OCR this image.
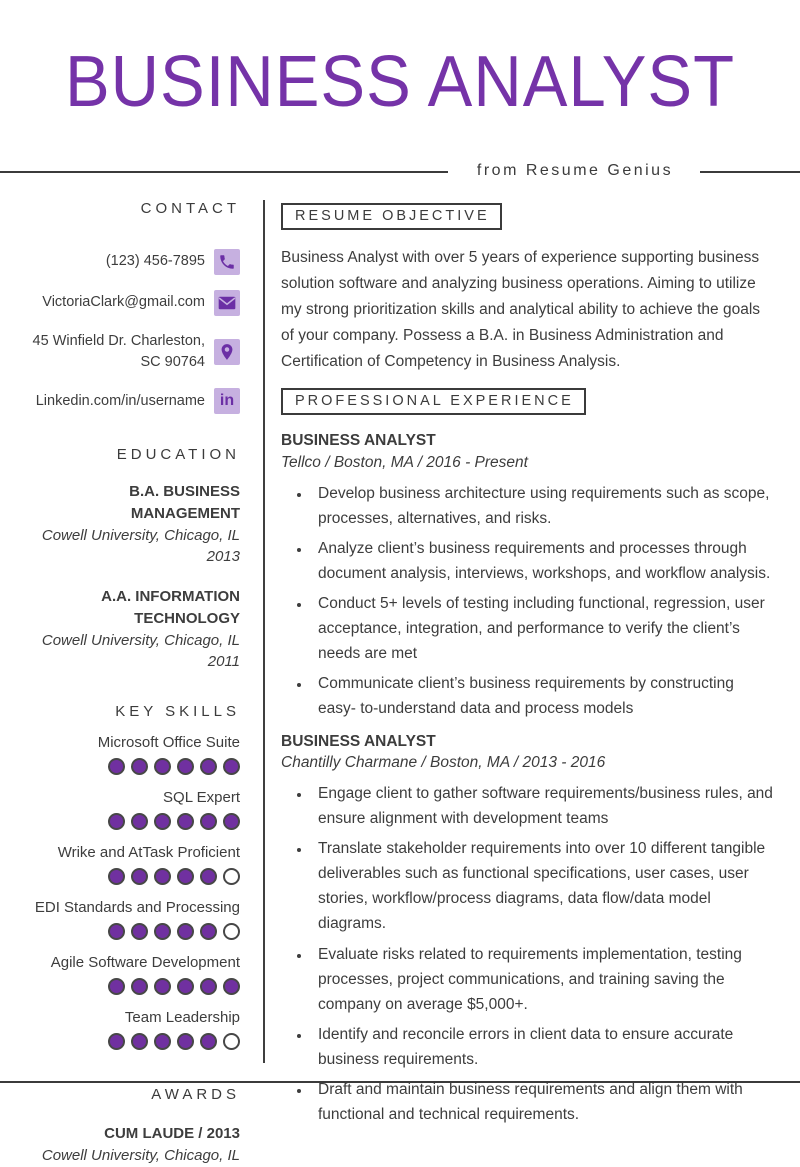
BUSINESS ANALYST
from Resume Genius
CONTACT
(123) 456-7895
VictoriaClark@gmail.com
45 Winfield Dr. Charleston, SC 90764
Linkedin.com/in/username in
EDUCATION
B.A. BUSINESS MANAGEMENT
Cowell University, Chicago, IL
2013
A.A. INFORMATION TECHNOLOGY
Cowell University, Chicago, IL
2011
KEY SKILLS
Microsoft Office Suite
SQL Expert
Wrike and AtTask Proficient
EDI Standards and Processing
Agile Software Development
Team Leadership
AWARDS
CUM LAUDE / 2013
Cowell University, Chicago, IL
RESUME OBJECTIVE
Business Analyst with over 5 years of experience supporting business solution software and analyzing business operations. Aiming to utilize my strong prioritization skills and analytical ability to achieve the goals of your company. Possess a B.A. in Business Administration and Certification of Competency in Business Analysis.
PROFESSIONAL EXPERIENCE
BUSINESS ANALYST
Tellco / Boston, MA / 2016 - Present
• Develop business architecture using requirements such as scope, processes, alternatives, and risks.
• Analyze client’s business requirements and processes through document analysis, interviews, workshops, and workflow analysis.
• Conduct 5+ levels of testing including functional, regression, user acceptance, integration, and performance to verify the client’s needs are met
• Communicate client’s business requirements by constructing easy- to-understand data and process models
BUSINESS ANALYST
Chantilly Charmane / Boston, MA / 2013 - 2016
• Engage client to gather software requirements/business rules, and ensure alignment with development teams
• Translate stakeholder requirements into over 10 different tangible deliverables such as functional specifications, user cases, user stories, workflow/process diagrams, data flow/data model diagrams.
• Evaluate risks related to requirements implementation, testing processes, project communications, and training saving the company on average $5,000+.
• Identify and reconcile errors in client data to ensure accurate business requirements.
• Draft and maintain business requirements and align them with functional and technical requirements.
